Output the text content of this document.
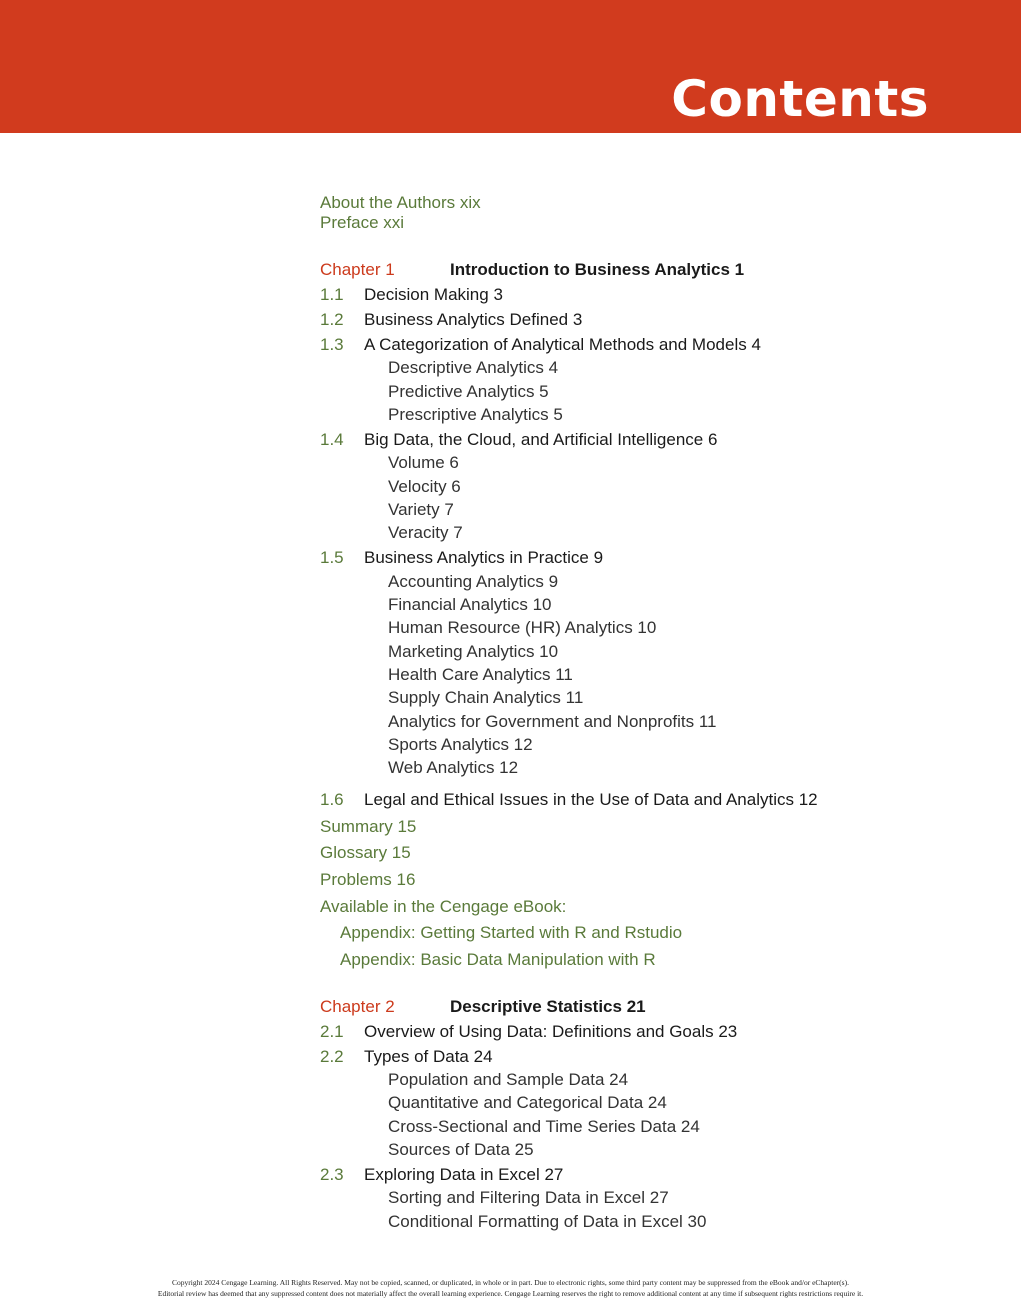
Contents
About the Authors xix
Preface xxi
Chapter 1	Introduction to Business Analytics 1
1.1 Decision Making 3
1.2 Business Analytics Defined 3
1.3 A Categorization of Analytical Methods and Models 4
Descriptive Analytics 4
Predictive Analytics 5
Prescriptive Analytics 5
1.4 Big Data, the Cloud, and Artificial Intelligence 6
Volume 6
Velocity 6
Variety 7
Veracity 7
1.5 Business Analytics in Practice 9
Accounting Analytics 9
Financial Analytics 10
Human Resource (HR) Analytics 10
Marketing Analytics 10
Health Care Analytics 11
Supply Chain Analytics 11
Analytics for Government and Nonprofits 11
Sports Analytics 12
Web Analytics 12
1.6 Legal and Ethical Issues in the Use of Data and Analytics 12
Summary 15
Glossary 15
Problems 16
Available in the Cengage eBook:
Appendix: Getting Started with R and Rstudio
Appendix: Basic Data Manipulation with R
Chapter 2	Descriptive Statistics 21
2.1 Overview of Using Data: Definitions and Goals 23
2.2 Types of Data 24
Population and Sample Data 24
Quantitative and Categorical Data 24
Cross-Sectional and Time Series Data 24
Sources of Data 25
2.3 Exploring Data in Excel 27
Sorting and Filtering Data in Excel 27
Conditional Formatting of Data in Excel 30
Copyright 2024 Cengage Learning. All Rights Reserved. May not be copied, scanned, or duplicated, in whole or in part. Due to electronic rights, some third party content may be suppressed from the eBook and/or eChapter(s).
Editorial review has deemed that any suppressed content does not materially affect the overall learning experience. Cengage Learning reserves the right to remove additional content at any time if subsequent rights restrictions require it.
